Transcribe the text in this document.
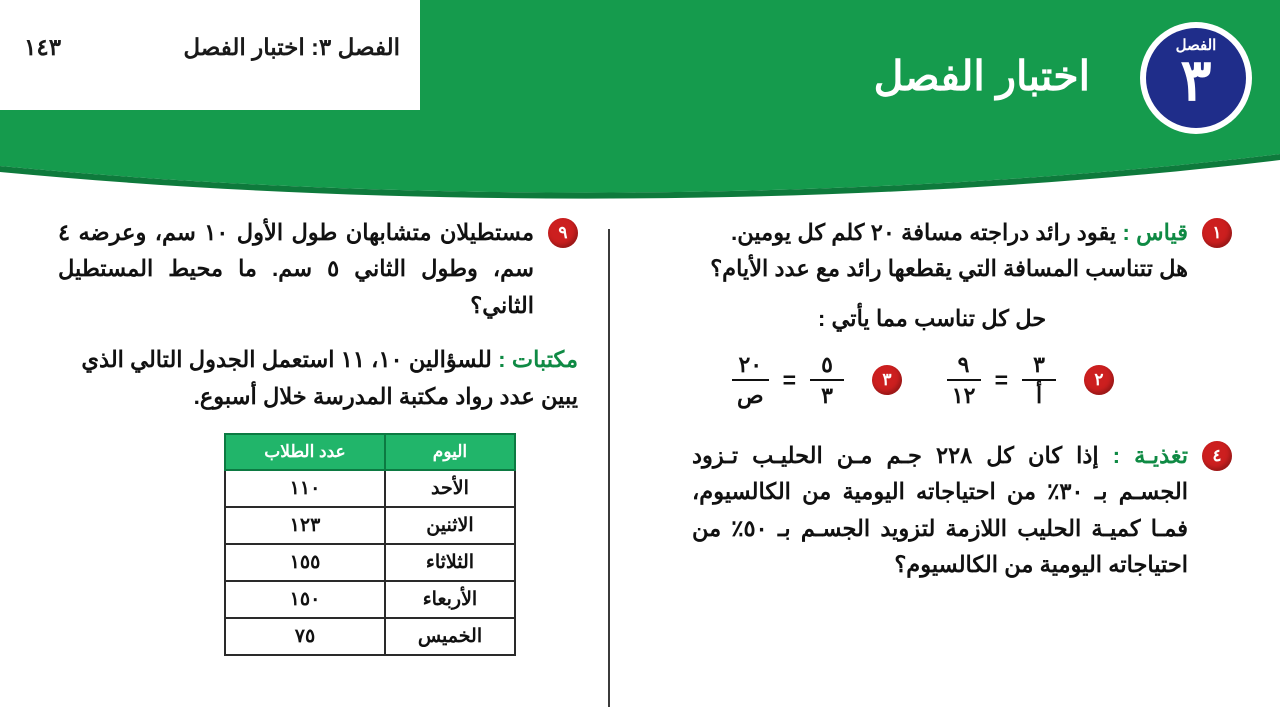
اختبار الفصل
الفصل
٣
الفصل ٣: اختبار الفصل
١٤٣
١
قياس : يقود رائد دراجته مسافة ٢٠ كلم كل يومين.
هل تتناسب المسافة التي يقطعها رائد مع عدد الأيام؟
حل كل تناسب مما يأتي :
٢
$\frac{٣}{\text{أ}}$
=
$\frac{٩}{١٢}$
٣
$\frac{٥}{٣}$
=
$\frac{٢٠}{\text{ص}}$
٤
تغذيـة : إذا كان كل ٢٢٨ جـم مـن الحليـب تـزود الجسـم بـ ٣٠٪ من احتياجاته اليومية من الكالسيوم، فمـا كميـة الحليب اللازمة لتزويد الجسـم بـ ٥٠٪ من احتياجاته اليومية من الكالسيوم؟
٩
مستطيلان متشابهان طول الأول ١٠ سم، وعرضه ٤ سم، وطول الثاني ٥ سم. ما محيط المستطيل الثاني؟
مكتبات : للسؤالين ١٠، ١١ استعمل الجدول التالي الذي يبين عدد رواد مكتبة المدرسة خلال أسبوع.
اليوم	عدد الطلاب
الأحد	١١٠
الاثنين	١٢٣
الثلاثاء	١٥٥
الأربعاء	١٥٠
الخميس	٧٥
